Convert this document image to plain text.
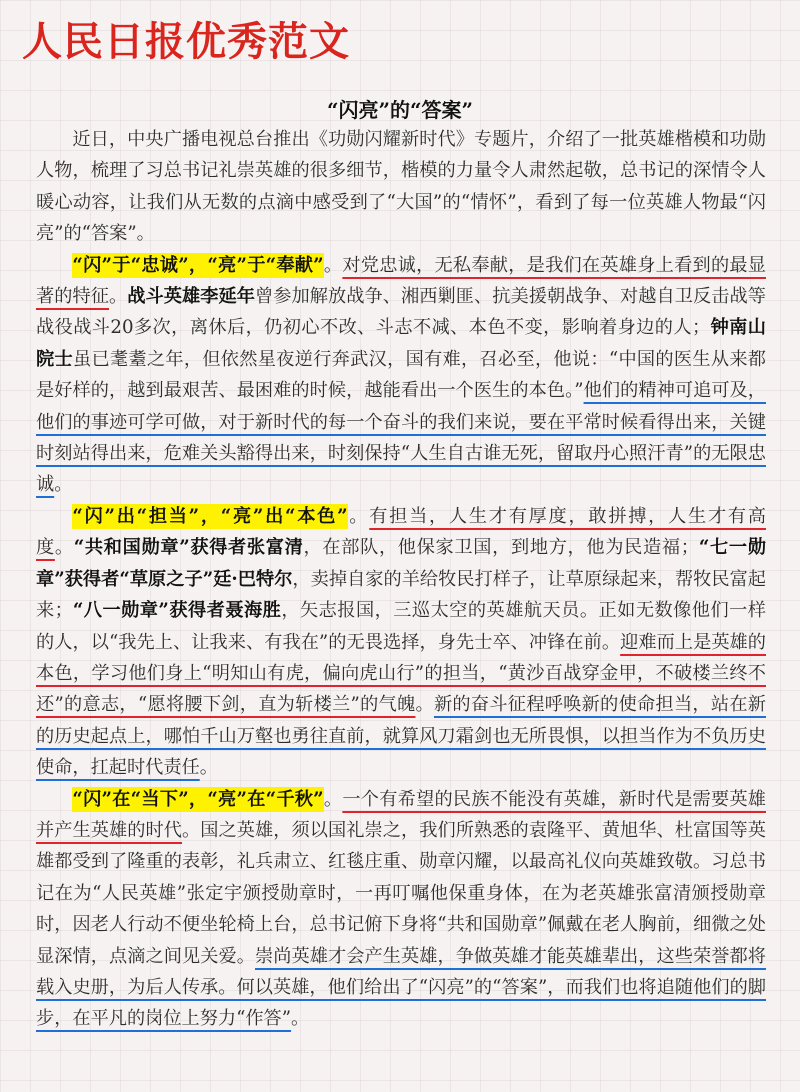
人民日报优秀范文
“闪亮”的“答案”

近日，中央广播电视总台推出《功勋闪耀新时代》专题片，介绍了一批英雄楷模和功勋人物，梳理了习总书记礼崇英雄的很多细节，楷模的力量令人肃然起敬，总书记的深情令人暖心动容，让我们从无数的点滴中感受到了“大国”的“情怀”，看到了每一位英雄人物最“闪亮”的“答案”。

“闪”于“忠诚”，“亮”于“奉献”。对党忠诚，无私奉献，是我们在英雄身上看到的最显著的特征。战斗英雄李延年曾参加解放战争、湘西剿匪、抗美援朝战争、对越自卫反击战等战役战斗20多次，离休后，仍初心不改、斗志不减、本色不变，影响着身边的人；钟南山院士虽已耄耋之年，但依然星夜逆行奔武汉，国有难，召必至，他说：“中国的医生从来都是好样的，越到最艰苦、最困难的时候，越能看出一个医生的本色。”他们的精神可追可及，他们的事迹可学可做，对于新时代的每一个奋斗的我们来说，要在平常时候看得出来，关键时刻站得出来，危难关头豁得出来，时刻保持“人生自古谁无死，留取丹心照汗青”的无限忠诚。

“闪”出“担当”，“亮”出“本色”。有担当，人生才有厚度，敢拼搏，人生才有高度。“共和国勋章”获得者张富清，在部队，他保家卫国，到地方，他为民造福；“七一勋章”获得者“草原之子”廷·巴特尔，卖掉自家的羊给牧民打样子，让草原绿起来，帮牧民富起来；“八一勋章”获得者聂海胜，矢志报国，三巡太空的英雄航天员。正如无数像他们一样的人，以“我先上、让我来、有我在”的无畏选择，身先士卒、冲锋在前。迎难而上是英雄的本色，学习他们身上“明知山有虎，偏向虎山行”的担当，“黄沙百战穿金甲，不破楼兰终不还”的意志，“愿将腰下剑，直为斩楼兰”的气魄。新的奋斗征程呼唤新的使命担当，站在新的历史起点上，哪怕千山万壑也勇往直前，就算风刀霜剑也无所畏惧，以担当作为不负历史使命，扛起时代责任。

“闪”在“当下”，“亮”在“千秋”。一个有希望的民族不能没有英雄，新时代是需要英雄并产生英雄的时代。国之英雄，须以国礼崇之，我们所熟悉的袁隆平、黄旭华、杜富国等英雄都受到了隆重的表彰，礼兵肃立、红毯庄重、勋章闪耀，以最高礼仪向英雄致敬。习总书记在为“人民英雄”张定宇颁授勋章时，一再叮嘱他保重身体，在为老英雄张富清颁授勋章时，因老人行动不便坐轮椅上台，总书记俯下身将“共和国勋章”佩戴在老人胸前，细微之处显深情，点滴之间见关爱。崇尚英雄才会产生英雄，争做英雄才能英雄辈出，这些荣誉都将载入史册，为后人传承。何以英雄，他们给出了“闪亮”的“答案”，而我们也将追随他们的脚步，在平凡的岗位上努力“作答”。
